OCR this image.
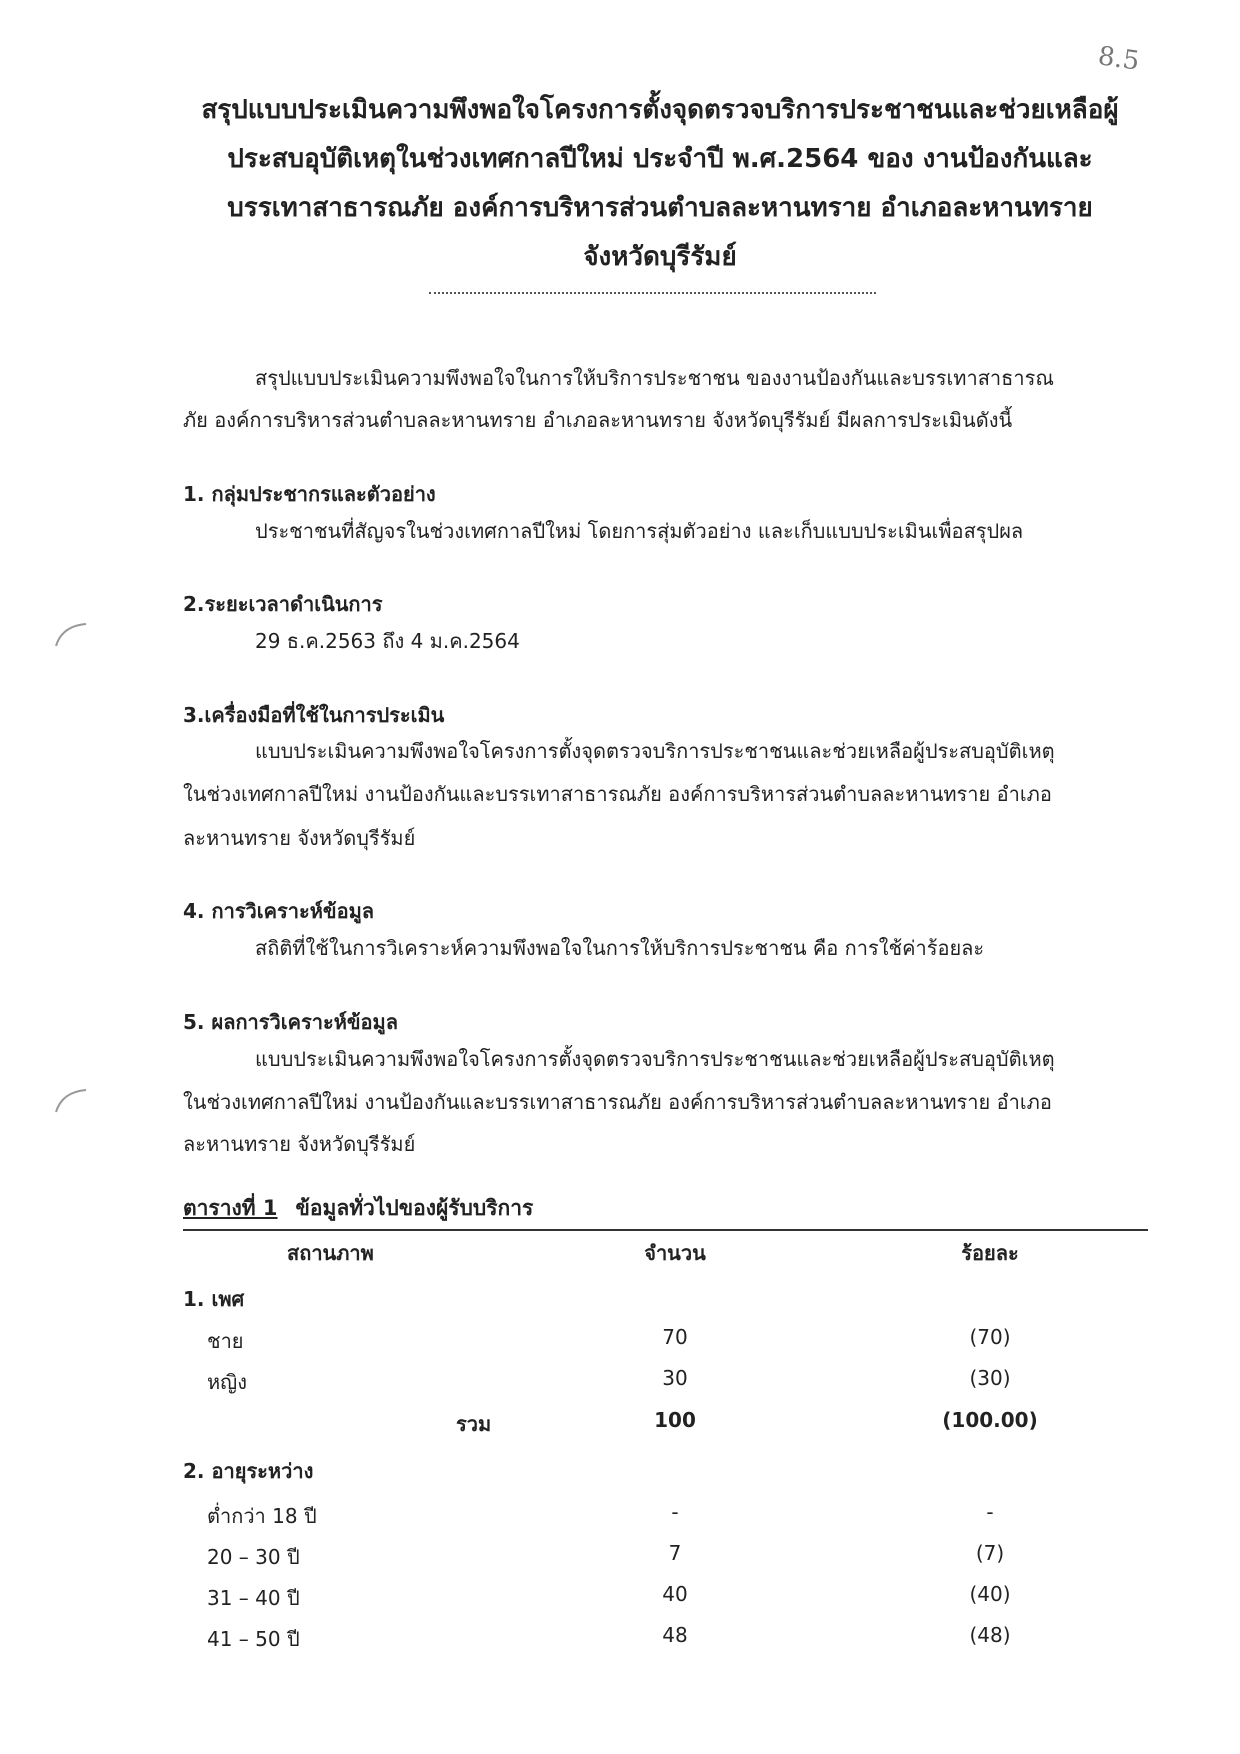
8.5
สรุปแบบประเมินความพึงพอใจโครงการตั้งจุดตรวจบริการประชาชนและช่วยเหลือผู้
ประสบอุบัติเหตุในช่วงเทศกาลปีใหม่ ประจำปี พ.ศ.2564 ของ งานป้องกันและ
บรรเทาสาธารณภัย องค์การบริหารส่วนตำบลละหานทราย อำเภอละหานทราย
จังหวัดบุรีรัมย์
สรุปแบบประเมินความพึงพอใจในการให้บริการประชาชน ของงานป้องกันและบรรเทาสาธารณ
ภัย องค์การบริหารส่วนตำบลละหานทราย อำเภอละหานทราย จังหวัดบุรีรัมย์ มีผลการประเมินดังนี้
1. กลุ่มประชากรและตัวอย่าง
ประชาชนที่สัญจรในช่วงเทศกาลปีใหม่ โดยการสุ่มตัวอย่าง และเก็บแบบประเมินเพื่อสรุปผล
2.ระยะเวลาดำเนินการ
29 ธ.ค.2563 ถึง 4 ม.ค.2564
3.เครื่องมือที่ใช้ในการประเมิน
แบบประเมินความพึงพอใจโครงการตั้งจุดตรวจบริการประชาชนและช่วยเหลือผู้ประสบอุบัติเหตุ
ในช่วงเทศกาลปีใหม่ งานป้องกันและบรรเทาสาธารณภัย องค์การบริหารส่วนตำบลละหานทราย อำเภอ
ละหานทราย จังหวัดบุรีรัมย์
4. การวิเคราะห์ข้อมูล
สถิติที่ใช้ในการวิเคราะห์ความพึงพอใจในการให้บริการประชาชน คือ การใช้ค่าร้อยละ
5. ผลการวิเคราะห์ข้อมูล
แบบประเมินความพึงพอใจโครงการตั้งจุดตรวจบริการประชาชนและช่วยเหลือผู้ประสบอุบัติเหตุ
ในช่วงเทศกาลปีใหม่ งานป้องกันและบรรเทาสาธารณภัย องค์การบริหารส่วนตำบลละหานทราย อำเภอ
ละหานทราย จังหวัดบุรีรัมย์
ตารางที่ 1 ข้อมูลทั่วไปของผู้รับบริการ
สถานภาพ	จำนวน	ร้อยละ
1. เพศ
ชาย	70	(70)
หญิง	30	(30)
รวม	100	(100.00)
2. อายุระหว่าง
ต่ำกว่า 18 ปี	-	-
20 – 30 ปี	7	(7)
31 – 40 ปี	40	(40)
41 – 50 ปี	48	(48)
